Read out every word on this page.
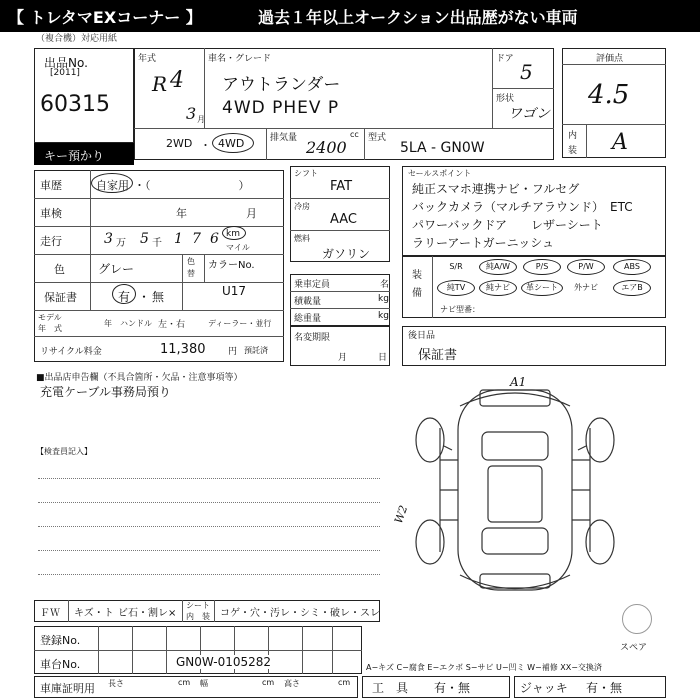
【 トレタマEXコーナー 】	過去１年以上オークション出品歴がない車両
（複合機）対応用紙
出品No.
[2011]
60315
キー預かり
年式
R 4
3 月
車名・グレード
アウトランダー
4WD PHEV P
ドア
5
形状
ワゴン
2WD ・ 4WD	排気量	cc
2400 型式
5LA - GN0W
評価点
4.5
内
装 A
車歴	自家用 ・（　　　　　　　　）
車検	年	月
走行	3 万 5 千 1 7 6 km
マイル
色	グレー
色
替
カラーNo.
U17
保証書	有 ・ 無
モデル
年　式
年 ハンドル 左・右	ディーラー・並行
リサイクル料金	11,380	円 預託済
シフト
FAT
冷房
AAC
燃料
ガソリン
乗車定員	名
積載量	kg
総重量	kg
名変期限
月	日
セールスポイント
純正スマホ連携ナビ・フルセグ
バックカメラ（マルチアラウンド）　ETC
パワーバックドア　　レザーシート
ラリーアートガーニッシュ
装
備
S/R	純A/W	P/S	P/W	ABS
純TV	純ナビ	革シート	外ナビ	エアB
ナビ型番：
後日品
保証書
■出品店申告欄（不具合箇所・欠品・注意事項等）
充電ケーブル事務局預り
【検査員記入】
A1
W2
スペア
ＦＷ キズ・ト ビ石・割レ×
シート
内　装 コゲ・穴・汚レ・シミ・破レ・スレ
登録No.
車台No.	GN0W-0105282	A−キズ C−腐食 E−エクボ S−サビ U−凹ミ W−補修 XX−交換済
車庫証明用 長さ	cm 幅	cm 高さ	cm 工　具 有・無	ジャッキ 有・無
